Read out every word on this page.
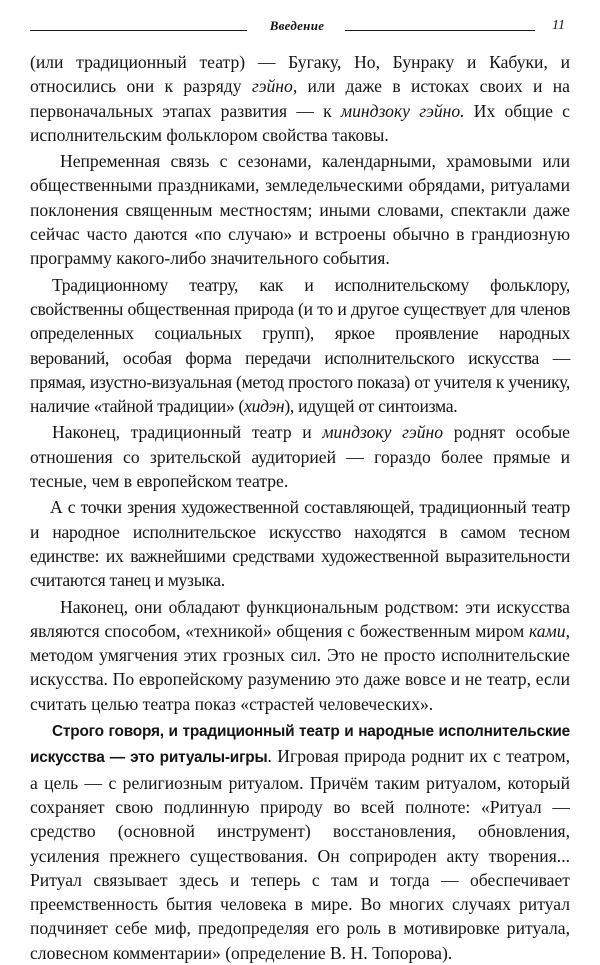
Введение	11

(или традиционный театр) — Бугаку, Но, Бунраку и Кабуки, и относились они к разряду гэйно, или даже в истоках своих и на первоначальных этапах развития — к миндзоку гэйно. Их общие с исполнительским фольклором свойства таковы.

Непременная связь с сезонами, календарными, храмовыми или общественными праздниками, земледельческими обрядами, ритуалами поклонения священным местностям; иными словами, спектакли даже сейчас часто даются «по случаю» и встроены обычно в грандиозную программу какого-либо значительного события.

Традиционному театру, как и исполнительскому фольклору, свойственны общественная природа (и то и другое существует для членов определенных социальных групп), яркое проявление народных верований, особая форма передачи исполнительского искусства — прямая, изустно-визуальная (метод простого показа) от учителя к ученику, наличие «тайной традиции» (хидэн), идущей от синтоизма.

Наконец, традиционный театр и миндзоку гэйно роднят особые отношения со зрительской аудиторией — гораздо более прямые и тесные, чем в европейском театре.

А с точки зрения художественной составляющей, традиционный театр и народное исполнительское искусство находятся в самом тесном единстве: их важнейшими средствами художественной выразительности считаются танец и музыка.

Наконец, они обладают функциональным родством: эти искусства являются способом, «техникой» общения с божественным миром ками, методом умягчения этих грозных сил. Это не просто исполнительские искусства. По европейскому разумению это даже вовсе и не театр, если считать целью театра показ «страстей человеческих».

Строго говоря, и традиционный театр и народные исполнительские искусства — это ритуалы-игры. Игровая природа роднит их с театром, а цель — с религиозным ритуалом. Причём таким ритуалом, который сохраняет свою подлинную природу во всей полноте: «Ритуал — средство (основной инструмент) восстановления, обновления, усиления прежнего существования. Он соприроден акту творения... Ритуал связывает здесь и теперь с там и тогда — обеспечивает преемственность бытия человека в мире. Во многих случаях ритуал подчиняет себе миф, предопределяя его роль в мотивировке ритуала, словесном комментарии» (определение В. Н. Топорова).
